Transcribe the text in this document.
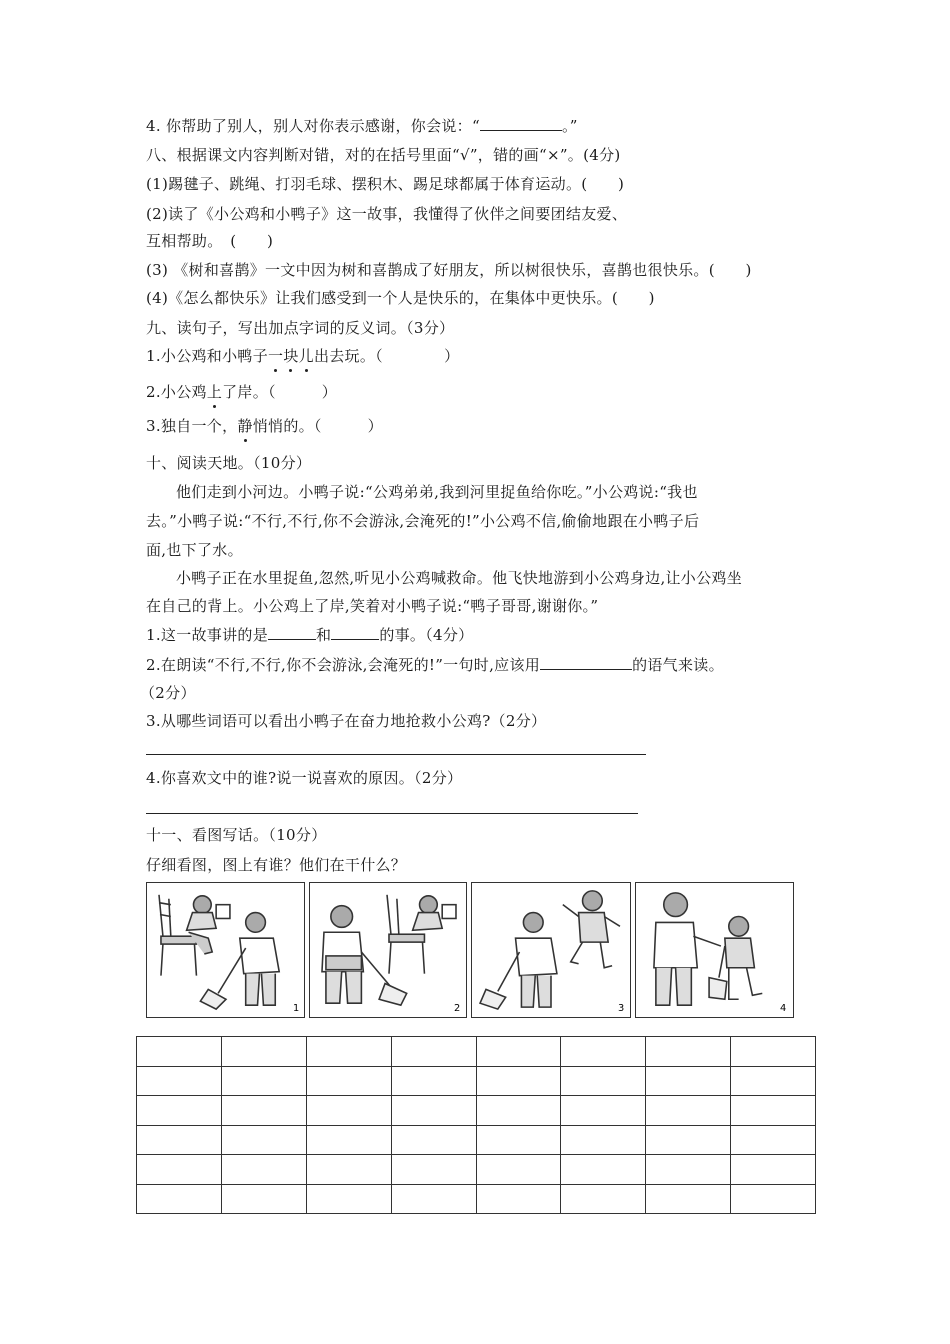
4. 你帮助了别人，别人对你表示感谢，你会说：“	。”
八、根据课文内容判断对错，对的在括号里面“√”，错的画“×”。(4分)
(1)踢毽子、跳绳、打羽毛球、摆积木、踢足球都属于体育运动。(　　)
(2)读了《小公鸡和小鸭子》这一故事，我懂得了伙伴之间要团结友爱、
互相帮助。　(　　)
(3) 《树和喜鹊》一文中因为树和喜鹊成了好朋友，所以树很快乐，喜鹊也很快乐。(　　)
(4)《怎么都快乐》让我们感受到一个人是快乐的，在集体中更快乐。(　　)
九、读句子，写出加点字词的反义词。（3分）
1.小公鸡和小鸭子一块儿出去玩。（　　　　）
2.小公鸡上了岸。（　　　）
3.独自一个，静悄悄的。（　　　）
十、阅读天地。（10分）
他们走到小河边。小鸭子说:“公鸡弟弟,我到河里捉鱼给你吃。”小公鸡说:“我也
去。”小鸭子说:“不行,不行,你不会游泳,会淹死的!”小公鸡不信,偷偷地跟在小鸭子后
面,也下了水。
小鸭子正在水里捉鱼,忽然,听见小公鸡喊救命。他飞快地游到小公鸡身边,让小公鸡坐
在自己的背上。小公鸡上了岸,笑着对小鸭子说:“鸭子哥哥,谢谢你。”
1.这一故事讲的是	和	的事。（4分）
2.在朗读“不行,不行,你不会游泳,会淹死的!”一句时,应该用	的语气来读。
（2分）
3.从哪些词语可以看出小鸭子在奋力地抢救小公鸡?（2分）
4.你喜欢文中的谁?说一说喜欢的原因。（2分）
十一、看图写话。（10分）
仔细看图，图上有谁？他们在干什么？
1	2	3	4
